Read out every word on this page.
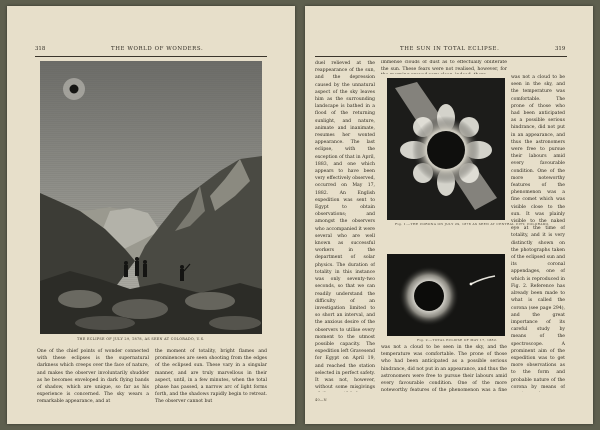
318	THE WORLD OF WONDERS.
THE ECLIPSE OF JULY 29, 1878, AS SEEN AT COLORADO, U.S.
One of the chief points of wonder connected with these eclipses is the supernatural darkness which creeps over the face of nature, and makes the observer involuntarily shudder as he becomes enveloped in dark flying bands of shadow, which are unique, so far as his experience is concerned. The sky wears a remarkable appearance, and at
the moment of totality, bright flames and prominences are seen shooting from the edges of the eclipsed sun. These vary in a singular manner, and are truly marvellous in their aspect, until, in a few minutes, when the total phase has passed, a narrow arc of light forms forth, and the shadows rapidly begin to retreat. The observer cannot but
THE SUN IN TOTAL ECLIPSE.	319
duel relieved at the reappearance of the sun, and the depression caused by the unnatural aspect of the sky leaves him as the surrounding landscape is bathed in a flood of the returning sunlight, and nature, animate and inanimate, resumes her wonted appearance. The last eclipse, with the exception of that in April, 1883, and one which appears to have been very effectively observed, occurred on May 17, 1882. An English expedition was sent to Egypt to obtain observations; and amongst the observers who accompanied it were several who are well known as successful workers in the department of solar physics. The duration of totality in this instance was only seventy-two seconds, so that we can readily understand the difficulty of an investigation limited to so short an interval, and the anxious desire of the observers to utilise every moment to the utmost possible capacity. The expedition left Gravesend for Egypt on April 19, and reached the station selected in perfect safety. It was not, however, without some misgivings
was not a cloud to be seen in the sky, and the temperature was comfortable. The prone of those who had been anticipated as a possible serious hindrance, did not put in an appearance, and thus the astronomers were free to pursue their labours amid every favourable condition. One of the more noteworthy features of the phenomenon was a fine comet which was visible close to the sun. It was plainly visible to the naked eye at the time of totality, and it is very distinctly shown on the photographs taken of the eclipsed sun and its coronal appendages, one of which is reproduced in Fig. 2. Reference has already been made to what is called the corona (see page 294), and the great importance of its careful study by means of the spectroscope. A prominent aim of the expedition was to get more observations as to the form and probable nature of the corona by means of
immense clouds of dust as to effectually obliterate the sun. These fears were not realised, however, for
Fig. 1.—THE CORONA ON JULY 29, 1878 AS SEEN AT CENTRAL CITY, COLORADO.
Fig. 2.—TOTAL ECLIPSE OF MAY 17, 1882.
was not a cloud to be seen in the sky, and the temperature was comfortable. The prone of those who had been anticipated as a possible serious hindrance, did not put in an appearance, and thus the astronomers were free to pursue their labours amid every favourable condition. One of the more noteworthy features of the phenomenon was a fine
40—N
